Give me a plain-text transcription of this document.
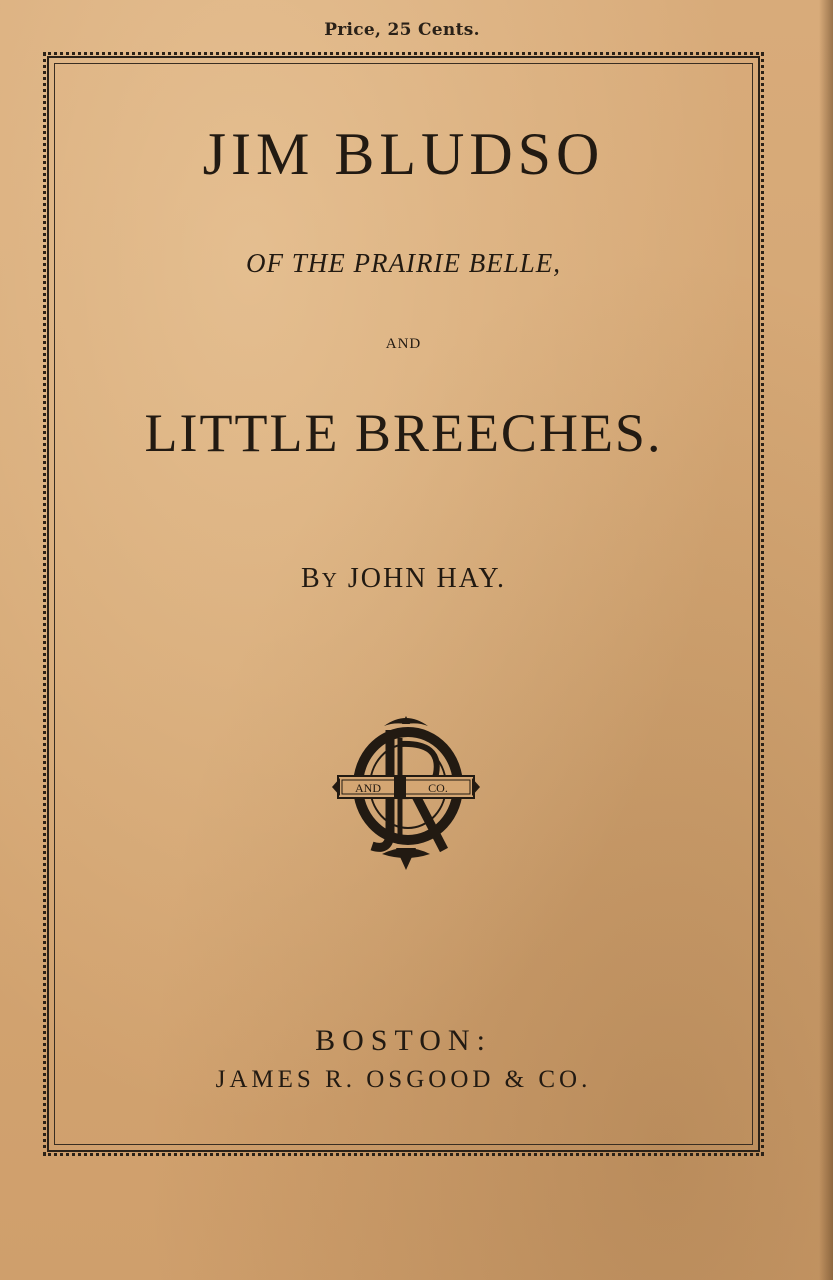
Price, 25 Cents.
JIM BLUDSO
OF THE PRAIRIE BELLE,
AND
LITTLE BREECHES.
BY JOHN HAY.
AND	CO.
BOSTON:
JAMES R. OSGOOD & CO.
